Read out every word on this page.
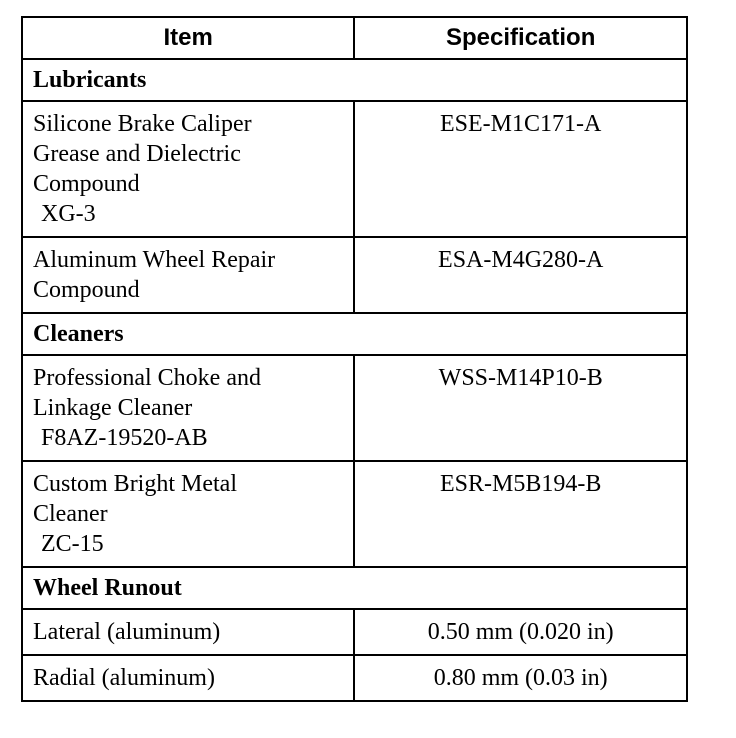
Item	Specification
Lubricants	

Silicone Brake Caliper
Grease and Dielectric
Compound
XG-3	ESE-M1C171-A

Aluminum Wheel Repair
Compound	ESA-M4G280-A
Cleaners	

Professional Choke and
Linkage Cleaner
F8AZ-19520-AB	WSS-M14P10-B

Custom Bright Metal
Cleaner
ZC-15	ESR-M5B194-B
Wheel Runout	
Lateral (aluminum)	0.50 mm (0.020 in)
Radial (aluminum)	0.80 mm (0.03 in)
